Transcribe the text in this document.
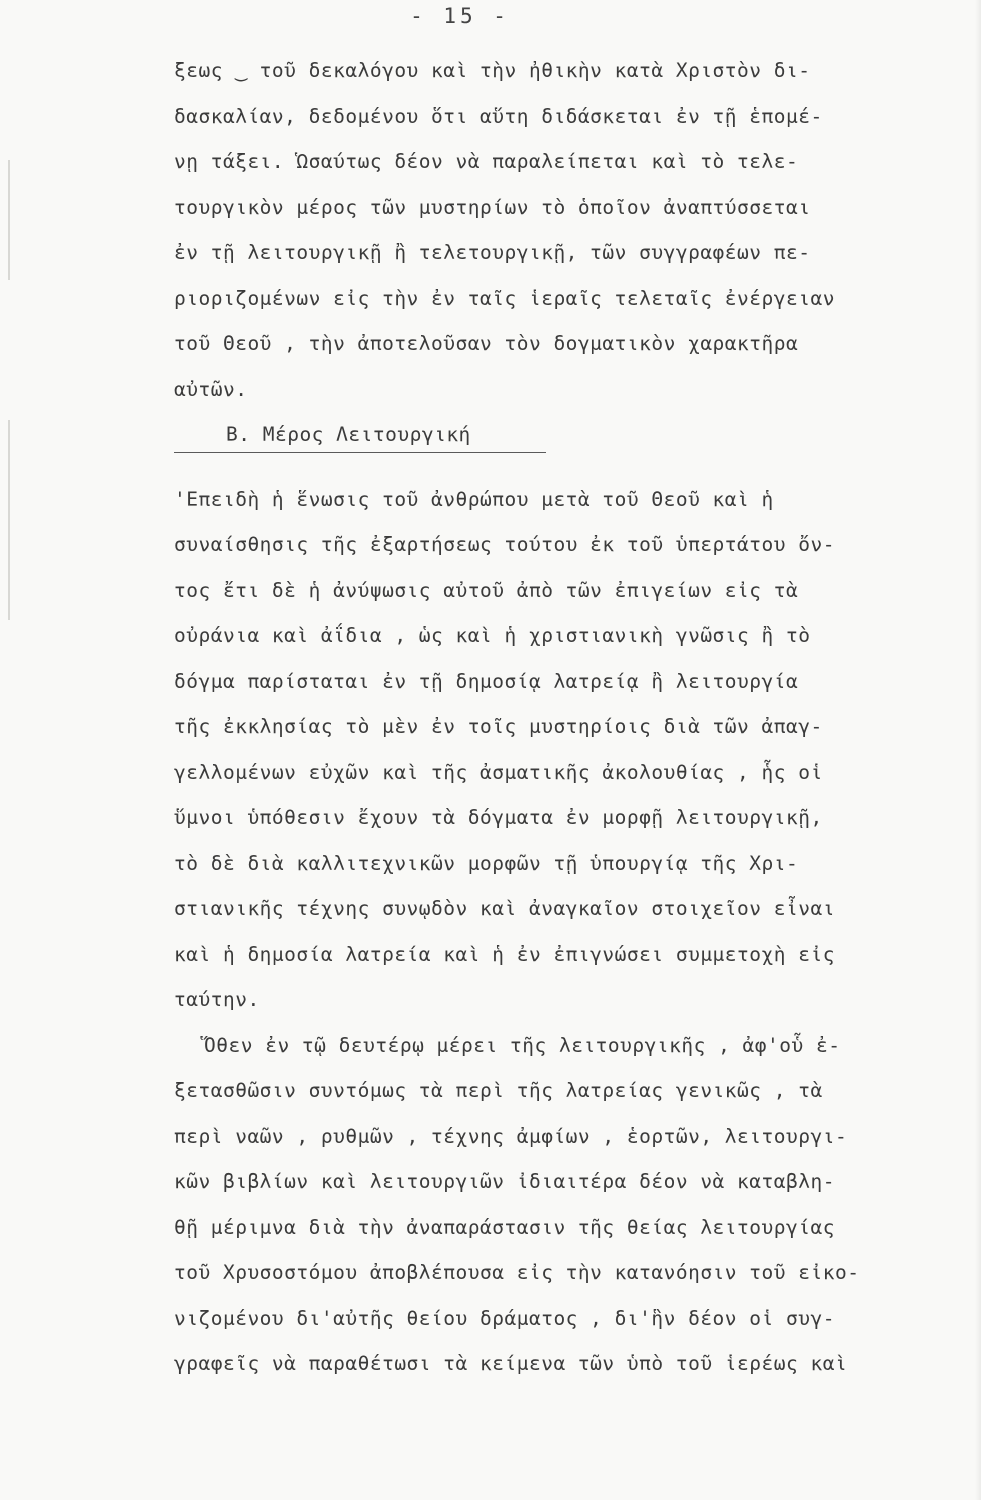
- 15 -
ξεως ‿ τοῦ δεκαλόγου καὶ τὴν ἠθικὴν κατὰ Χριστὸν δι-
δασκαλίαν, δεδομένου ὅτι αὕτη διδάσκεται ἐν τῇ ἑπομέ-
νῃ τάξει. Ὡσαύτως δέον νὰ παραλείπεται καὶ τὸ τελε-
τουργικὸν μέρος τῶν μυστηρίων τὸ ὁποῖον ἀναπτύσσεται
ἐν τῇ λειτουργικῇ ἢ τελετουργικῇ, τῶν συγγραφέων πε-
ριοριζομένων εἰς τὴν ἐν ταῖς ἱεραῖς τελεταῖς ἐνέργειαν
τοῦ Θεοῦ , τὴν ἀποτελοῦσαν τὸν δογματικὸν χαρακτῆρα
αὐτῶν.
Β. Μέρος Λειτουργική
'Επειδὴ ἡ ἕνωσις τοῦ ἀνθρώπου μετὰ τοῦ Θεοῦ καὶ ἡ
συναίσθησις τῆς ἐξαρτήσεως τούτου ἐκ τοῦ ὑπερτάτου ὄν-
τος ἔτι δὲ ἡ ἀνύψωσις αὐτοῦ ἀπὸ τῶν ἐπιγείων εἰς τὰ
οὐράνια καὶ ἀΐδια , ὡς καὶ ἡ χριστιανικὴ γνῶσις ἢ τὸ
δόγμα παρίσταται ἐν τῇ δημοσίᾳ λατρείᾳ ἢ λειτουργία
τῆς ἐκκλησίας τὸ μὲν ἐν τοῖς μυστηρίοις διὰ τῶν ἀπαγ-
γελλομένων εὐχῶν καὶ τῆς ἀσματικῆς ἀκολουθίας , ἧς οἱ
ὕμνοι ὑπόθεσιν ἔχουν τὰ δόγματα ἐν μορφῇ λειτουργικῇ,
τὸ δὲ διὰ καλλιτεχνικῶν μορφῶν τῇ ὑπουργίᾳ τῆς Χρι-
στιανικῆς τέχνης συνῳδὸν καὶ ἀναγκαῖον στοιχεῖον εἶναι
καὶ ἡ δημοσία λατρεία καὶ ἡ ἐν ἐπιγνώσει συμμετοχὴ εἰς
ταύτην.
Ὅθεν ἐν τῷ δευτέρῳ μέρει τῆς λειτουργικῆς , ἀφ'οὗ ἐ-
ξετασθῶσιν συντόμως τὰ περὶ τῆς λατρείας γενικῶς , τὰ
περὶ ναῶν , ρυθμῶν , τέχνης ἀμφίων , ἑορτῶν, λειτουργι-
κῶν βιβλίων καὶ λειτουργιῶν ἰδιαιτέρα δέον νὰ καταβλη-
θῇ μέριμνα διὰ τὴν ἀναπαράστασιν τῆς θείας λειτουργίας
τοῦ Χρυσοστόμου ἀποβλέπουσα εἰς τὴν κατανόησιν τοῦ εἰκο-
νιζομένου δι'αὐτῆς θείου δράματος , δι'ἣν δέον οἱ συγ-
γραφεῖς νὰ παραθέτωσι τὰ κείμενα τῶν ὑπὸ τοῦ ἱερέως καὶ
